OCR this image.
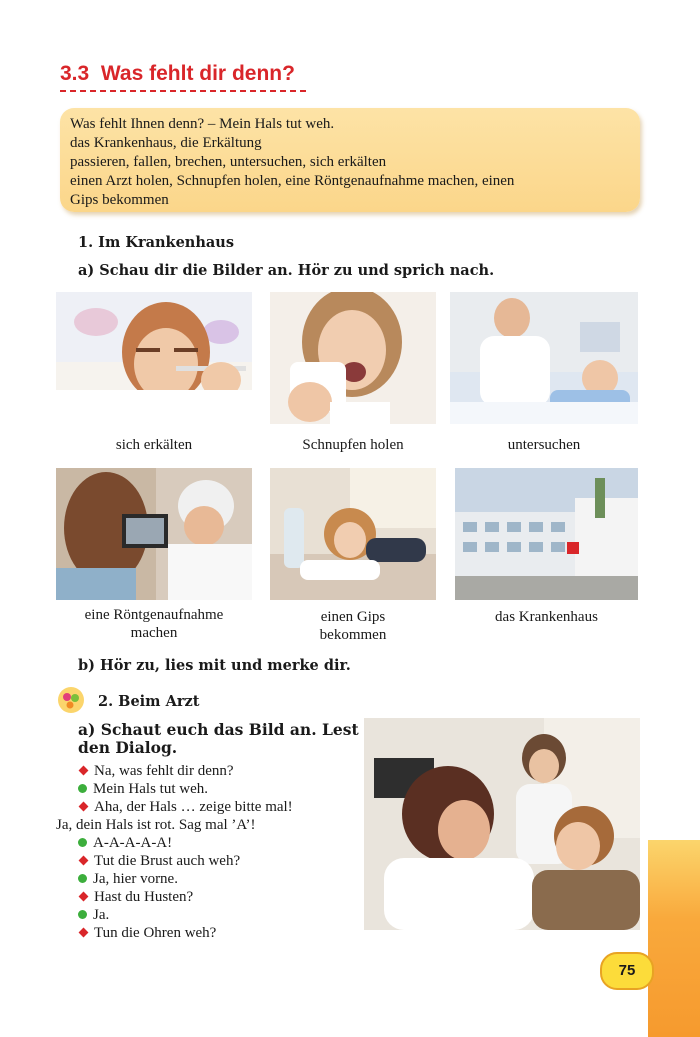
3.3 Was fehlt dir denn?
Was fehlt Ihnen denn? – Mein Hals tut weh.
das Krankenhaus, die Erkältung
passieren, fallen, brechen, untersuchen, sich erkälten
einen Arzt holen, Schnupfen holen, eine Röntgenaufnahme machen, einen
Gips bekommen
1. Im Krankenhaus
a) Schau dir die Bilder an. Hör zu und sprich nach.
sich erkälten	Schnupfen holen	untersuchen
eine Röntgenaufnahme
machen
einen Gips
bekommen
das Krankenhaus
b) Hör zu, lies mit und merke dir.
2. Beim Arzt
a) Schaut euch das Bild an. Lest
den Dialog.
Na, was fehlt dir denn?
Mein Hals tut weh.
Aha, der Hals … zeige bitte mal!
Ja, dein Hals ist rot. Sag mal ’A’!
A-A-A-A-A!
Tut die Brust auch weh?
Ja, hier vorne.
Hast du Husten?
Ja.
Tun die Ohren weh?
75
